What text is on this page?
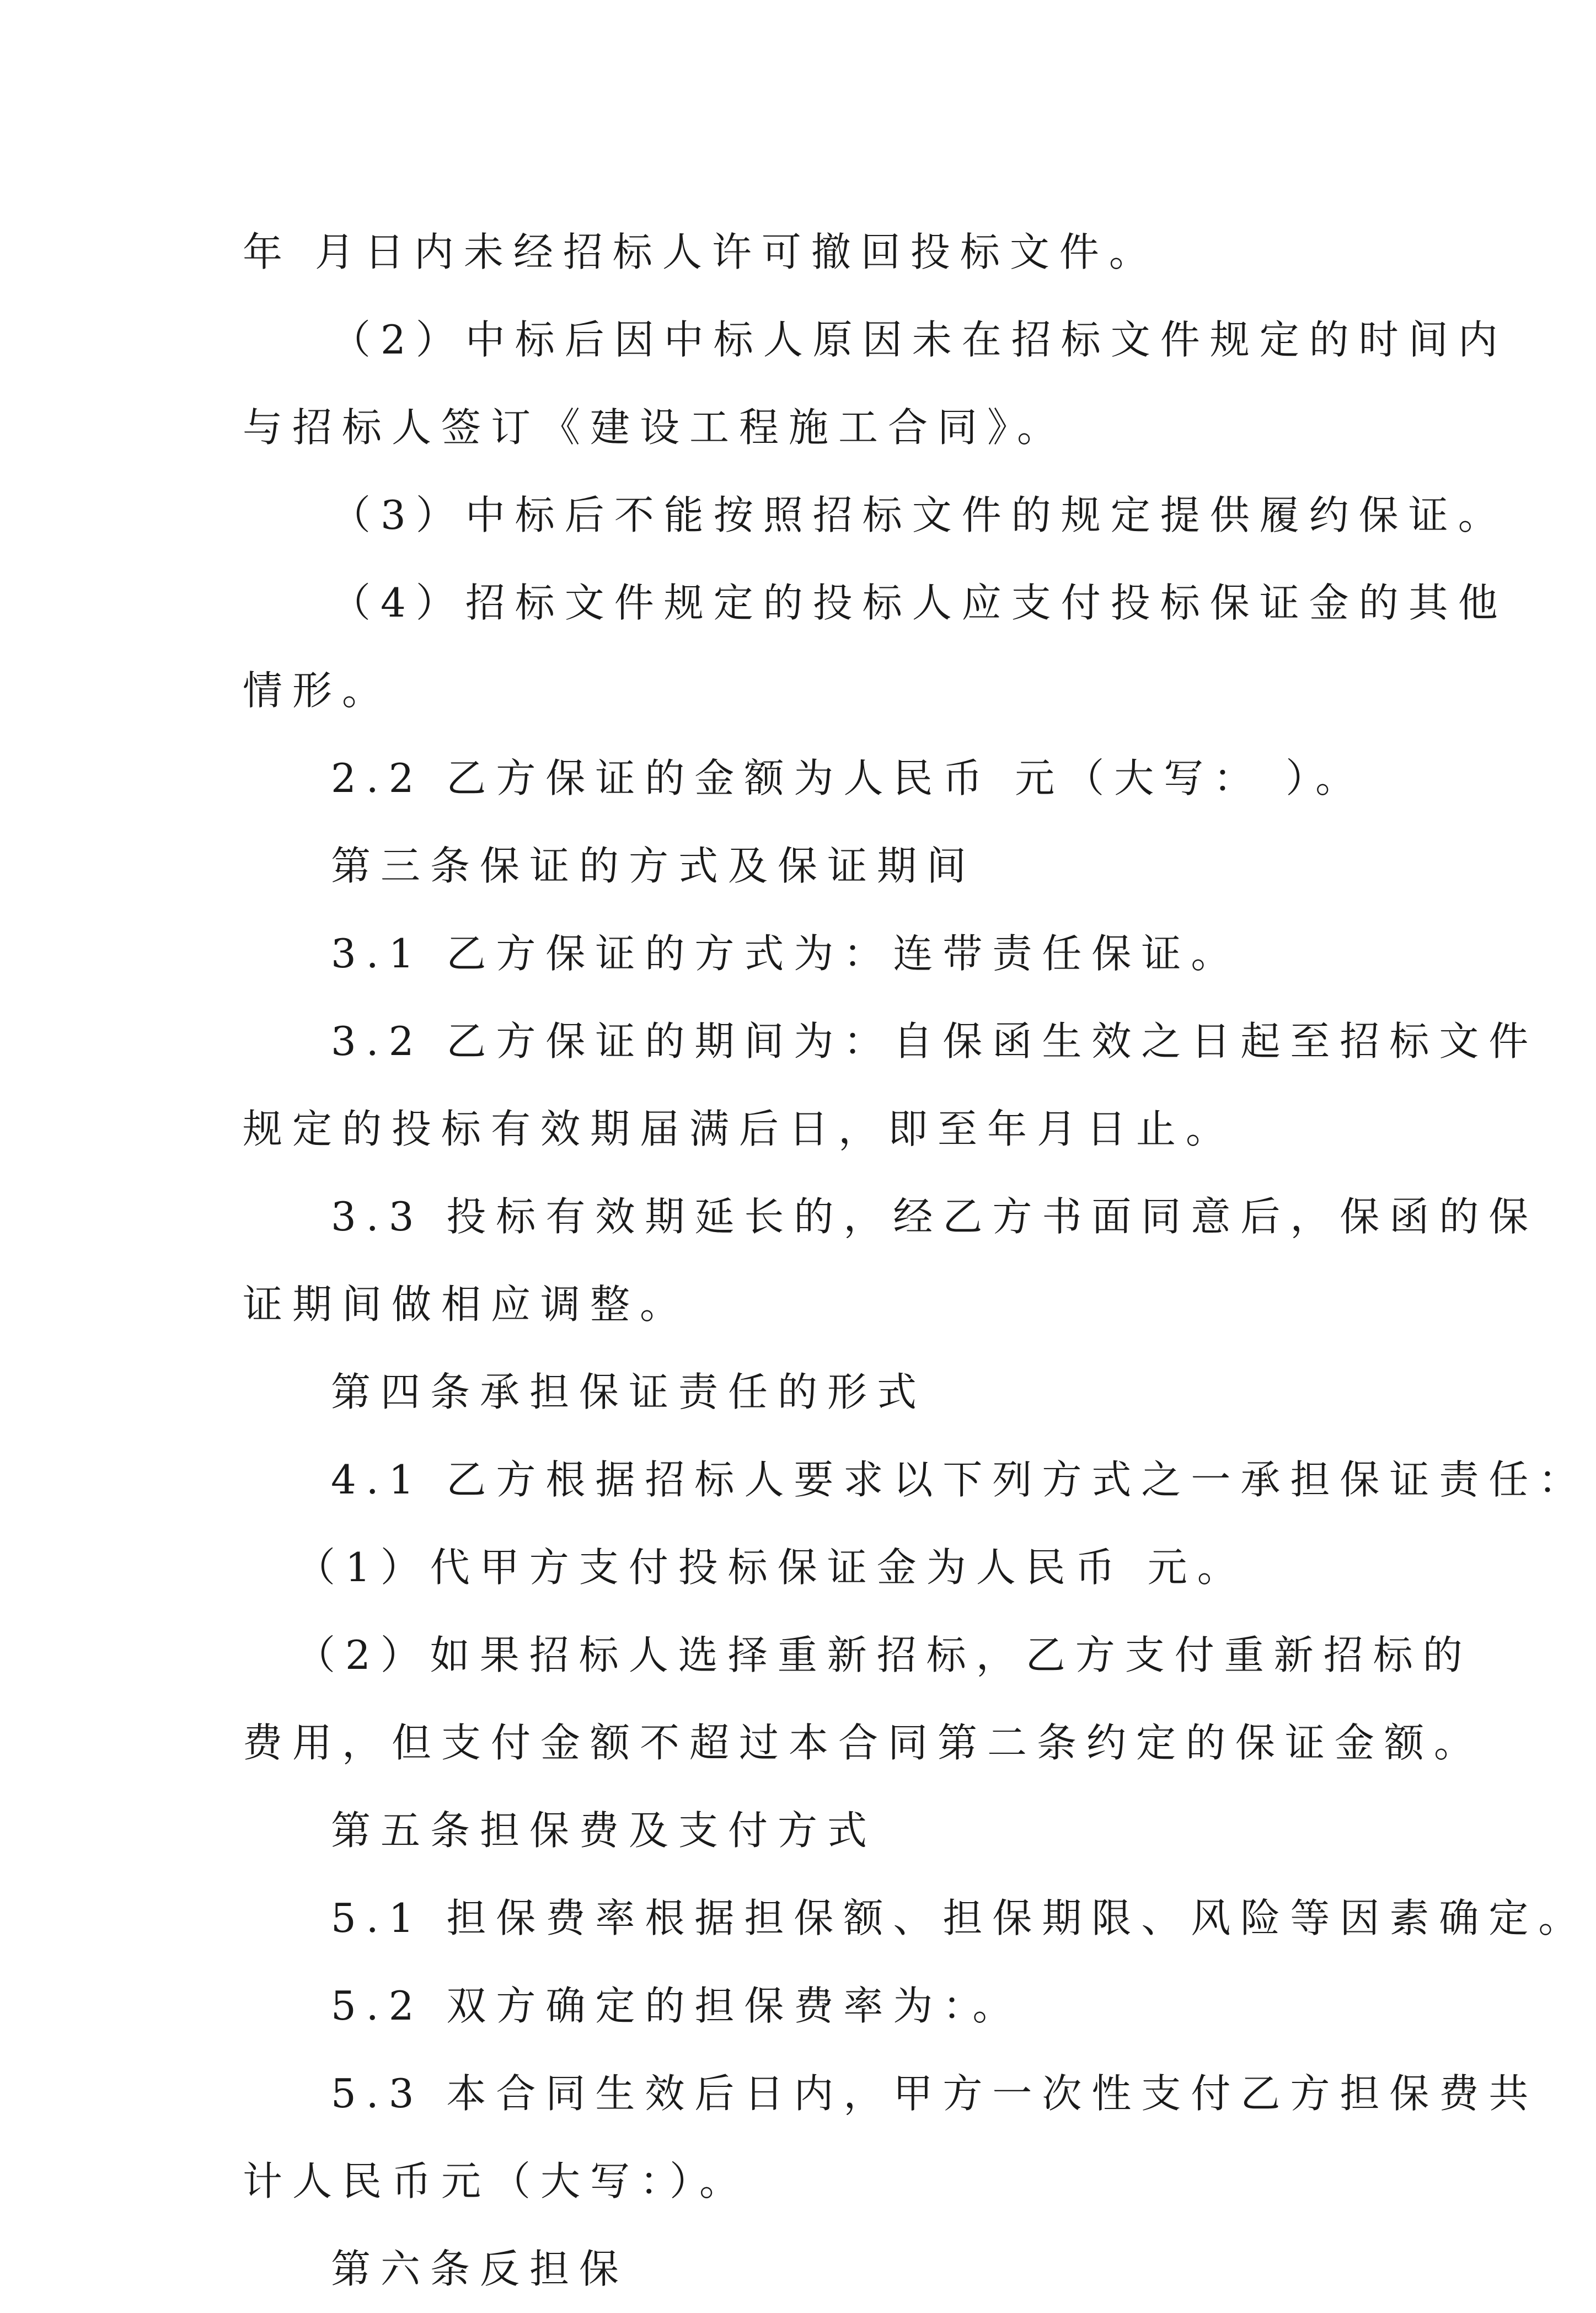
年 月日内未经招标人许可撤回投标文件。
（2）中标后因中标人原因未在招标文件规定的时间内
与招标人签订《建设工程施工合同》。
（3）中标后不能按照招标文件的规定提供履约保证。
（4）招标文件规定的投标人应支付投标保证金的其他
情形。
2.2 乙方保证的金额为人民币 元（大写： ）。
第三条保证的方式及保证期间
3.1 乙方保证的方式为：连带责任保证。
3.2 乙方保证的期间为：自保函生效之日起至招标文件
规定的投标有效期届满后日，即至年月日止。
3.3 投标有效期延长的，经乙方书面同意后，保函的保
证期间做相应调整。
第四条承担保证责任的形式
4.1 乙方根据招标人要求以下列方式之一承担保证责任：
（1）代甲方支付投标保证金为人民币 元。
（2）如果招标人选择重新招标，乙方支付重新招标的
费用，但支付金额不超过本合同第二条约定的保证金额。
第五条担保费及支付方式
5.1 担保费率根据担保额、担保期限、风险等因素确定。
5.2 双方确定的担保费率为：。
5.3 本合同生效后日内，甲方一次性支付乙方担保费共
计人民币元（大写：）。
第六条反担保
